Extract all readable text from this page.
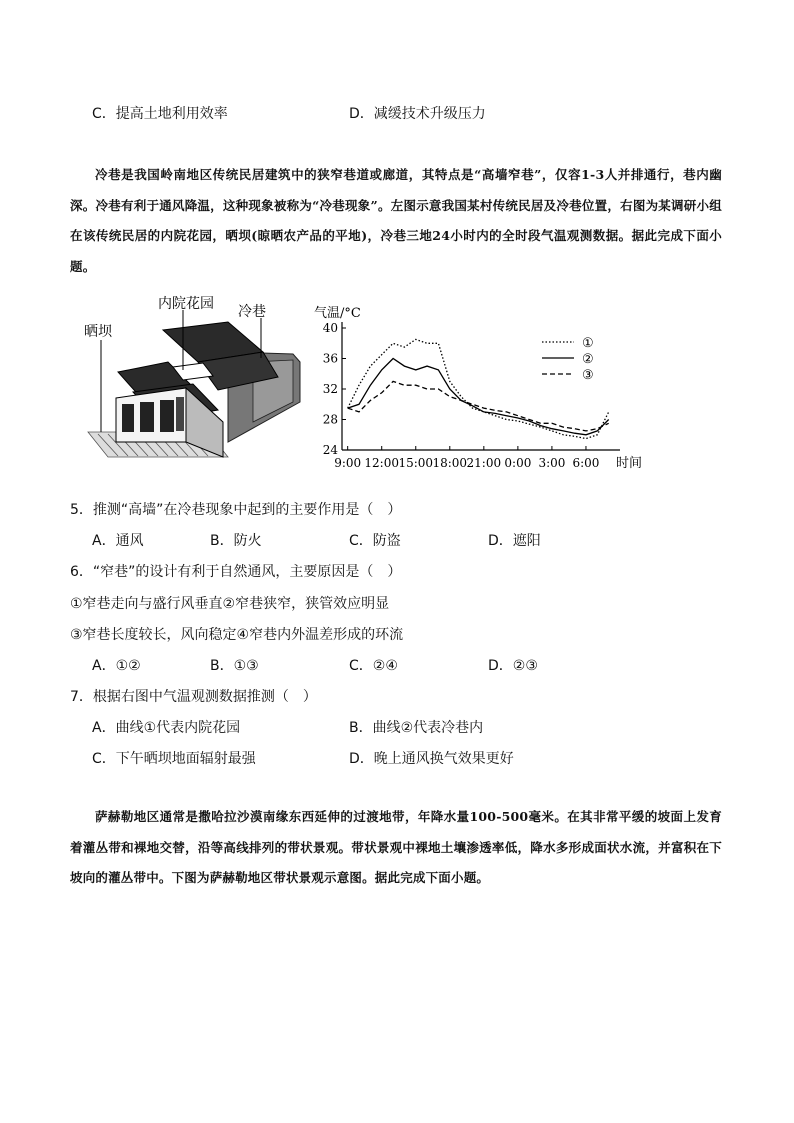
C．提高土地利用效率	D．减缓技术升级压力
冷巷是我国岭南地区传统民居建筑中的狭窄巷道或廊道，其特点是“高墙窄巷”，仅容1-3人并排通行，巷内幽深。冷巷有利于通风降温，这种现象被称为“冷巷现象”。左图示意我国某村传统民居及冷巷位置，右图为某调研小组在该传统民居的内院花园，晒坝(晾晒农产品的平地)，冷巷三地24小时内的全时段气温观测数据。据此完成下面小题。
内院花园 冷巷
晒坝
气温/°C
时间
24
28
32
36
40
9:00 12:00 15:00 18:00 21:00 0:00 3:00 6:00
①
②
③
5．推测“高墙”在冷巷现象中起到的主要作用是（　）
A．通风	B．防火	C．防盗	D．遮阳
6．“窄巷”的设计有利于自然通风，主要原因是（　）
①窄巷走向与盛行风垂直②窄巷狭窄，狭管效应明显
③窄巷长度较长，风向稳定④窄巷内外温差形成的环流
A．①②	B．①③	C．②④	D．②③
7．根据右图中气温观测数据推测（　）
A．曲线①代表内院花园	B．曲线②代表冷巷内
C．下午晒坝地面辐射最强	D．晚上通风换气效果更好
萨赫勒地区通常是撒哈拉沙漠南缘东西延伸的过渡地带，年降水量100-500毫米。在其非常平缓的坡面上发育着灌丛带和裸地交替，沿等高线排列的带状景观。带状景观中裸地土壤渗透率低，降水多形成面状水流，并富积在下坡向的灌丛带中。下图为萨赫勒地区带状景观示意图。据此完成下面小题。
